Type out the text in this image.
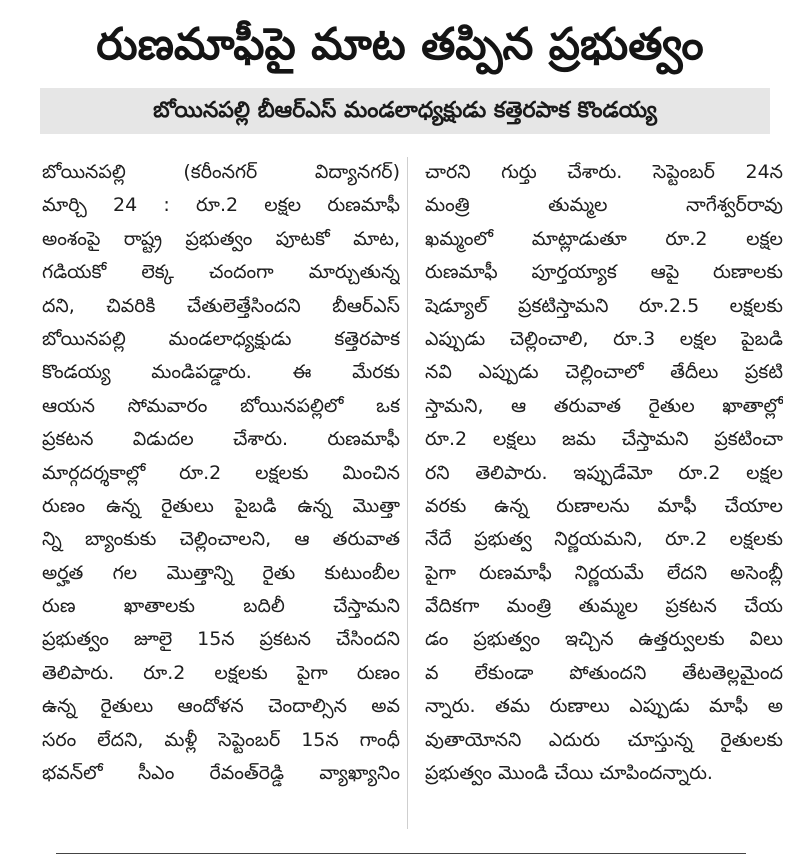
రుణమాఫీపై మాట తప్పిన ప్రభుత్వం
బోయినపల్లి బీఆర్ఎస్ మండలాధ్యక్షుడు కత్తెరపాక కొండయ్య
బోయినపల్లి (కరీంనగర్ విద్యానగర్)
మార్చి 24 : రూ.2 లక్షల రుణమాఫీ
అంశంపై రాష్ట్ర ప్రభుత్వం పూటకో మాట,
గడియకో లెక్క చందంగా మార్చుతున్న
దని, చివరికి చేతులెత్తేసిందని బీఆర్ఎస్
బోయినపల్లి మండలాధ్యక్షుడు కత్తెరపాక
కొండయ్య మండిపడ్డారు. ఈ మేరకు
ఆయన సోమవారం బోయినపల్లిలో ఒక
ప్రకటన విడుదల చేశారు. రుణమాఫీ
మార్గదర్శకాల్లో రూ.2 లక్షలకు మించిన
రుణం ఉన్న రైతులు పైబడి ఉన్న మొత్తా
న్ని బ్యాంకుకు చెల్లించాలని, ఆ తరువాత
అర్హత గల మొత్తాన్ని రైతు కుటుంబీల
రుణ ఖాతాలకు బదిలీ చేస్తామని
ప్రభుత్వం జూలై 15న ప్రకటన చేసిందని
తెలిపారు. రూ.2 లక్షలకు పైగా రుణం
ఉన్న రైతులు ఆందోళన చెందాల్సిన అవ
సరం లేదని, మళ్లీ సెప్టెంబర్ 15న గాంధీ
భవన్‌లో సీఎం రేవంత్‌రెడ్డి వ్యాఖ్యానిం
చారని గుర్తు చేశారు. సెప్టెంబర్ 24న
మంత్రి తుమ్మల నాగేశ్వర్‌రావు
ఖమ్మంలో మాట్లాడుతూ రూ.2 లక్షల
రుణమాఫీ పూర్తయ్యాక ఆపై రుణాలకు
షెడ్యూల్ ప్రకటిస్తామని రూ.2.5 లక్షలకు
ఎప్పుడు చెల్లించాలి, రూ.3 లక్షల పైబడి
నవి ఎప్పుడు చెల్లించాలో తేదీలు ప్రకటి
స్తామని, ఆ తరువాత రైతుల ఖాతాల్లో
రూ.2 లక్షలు జమ చేస్తామని ప్రకటించా
రని తెలిపారు. ఇప్పుడేమో రూ.2 లక్షల
వరకు ఉన్న రుణాలను మాఫీ చేయాల
నేదే ప్రభుత్వ నిర్ణయమని, రూ.2 లక్షలకు
పైగా రుణమాఫీ నిర్ణయమే లేదని అసెంబ్లీ
వేదికగా మంత్రి తుమ్మల ప్రకటన చేయ
డం ప్రభుత్వం ఇచ్చిన ఉత్తర్వులకు విలు
వ లేకుండా పోతుందని తేటతెల్లమైంద
న్నారు. తమ రుణాలు ఎప్పుడు మాఫీ అ
వుతాయోనని ఎదురు చూస్తున్న రైతులకు
ప్రభుత్వం మొండి చేయి చూపిందన్నారు.
